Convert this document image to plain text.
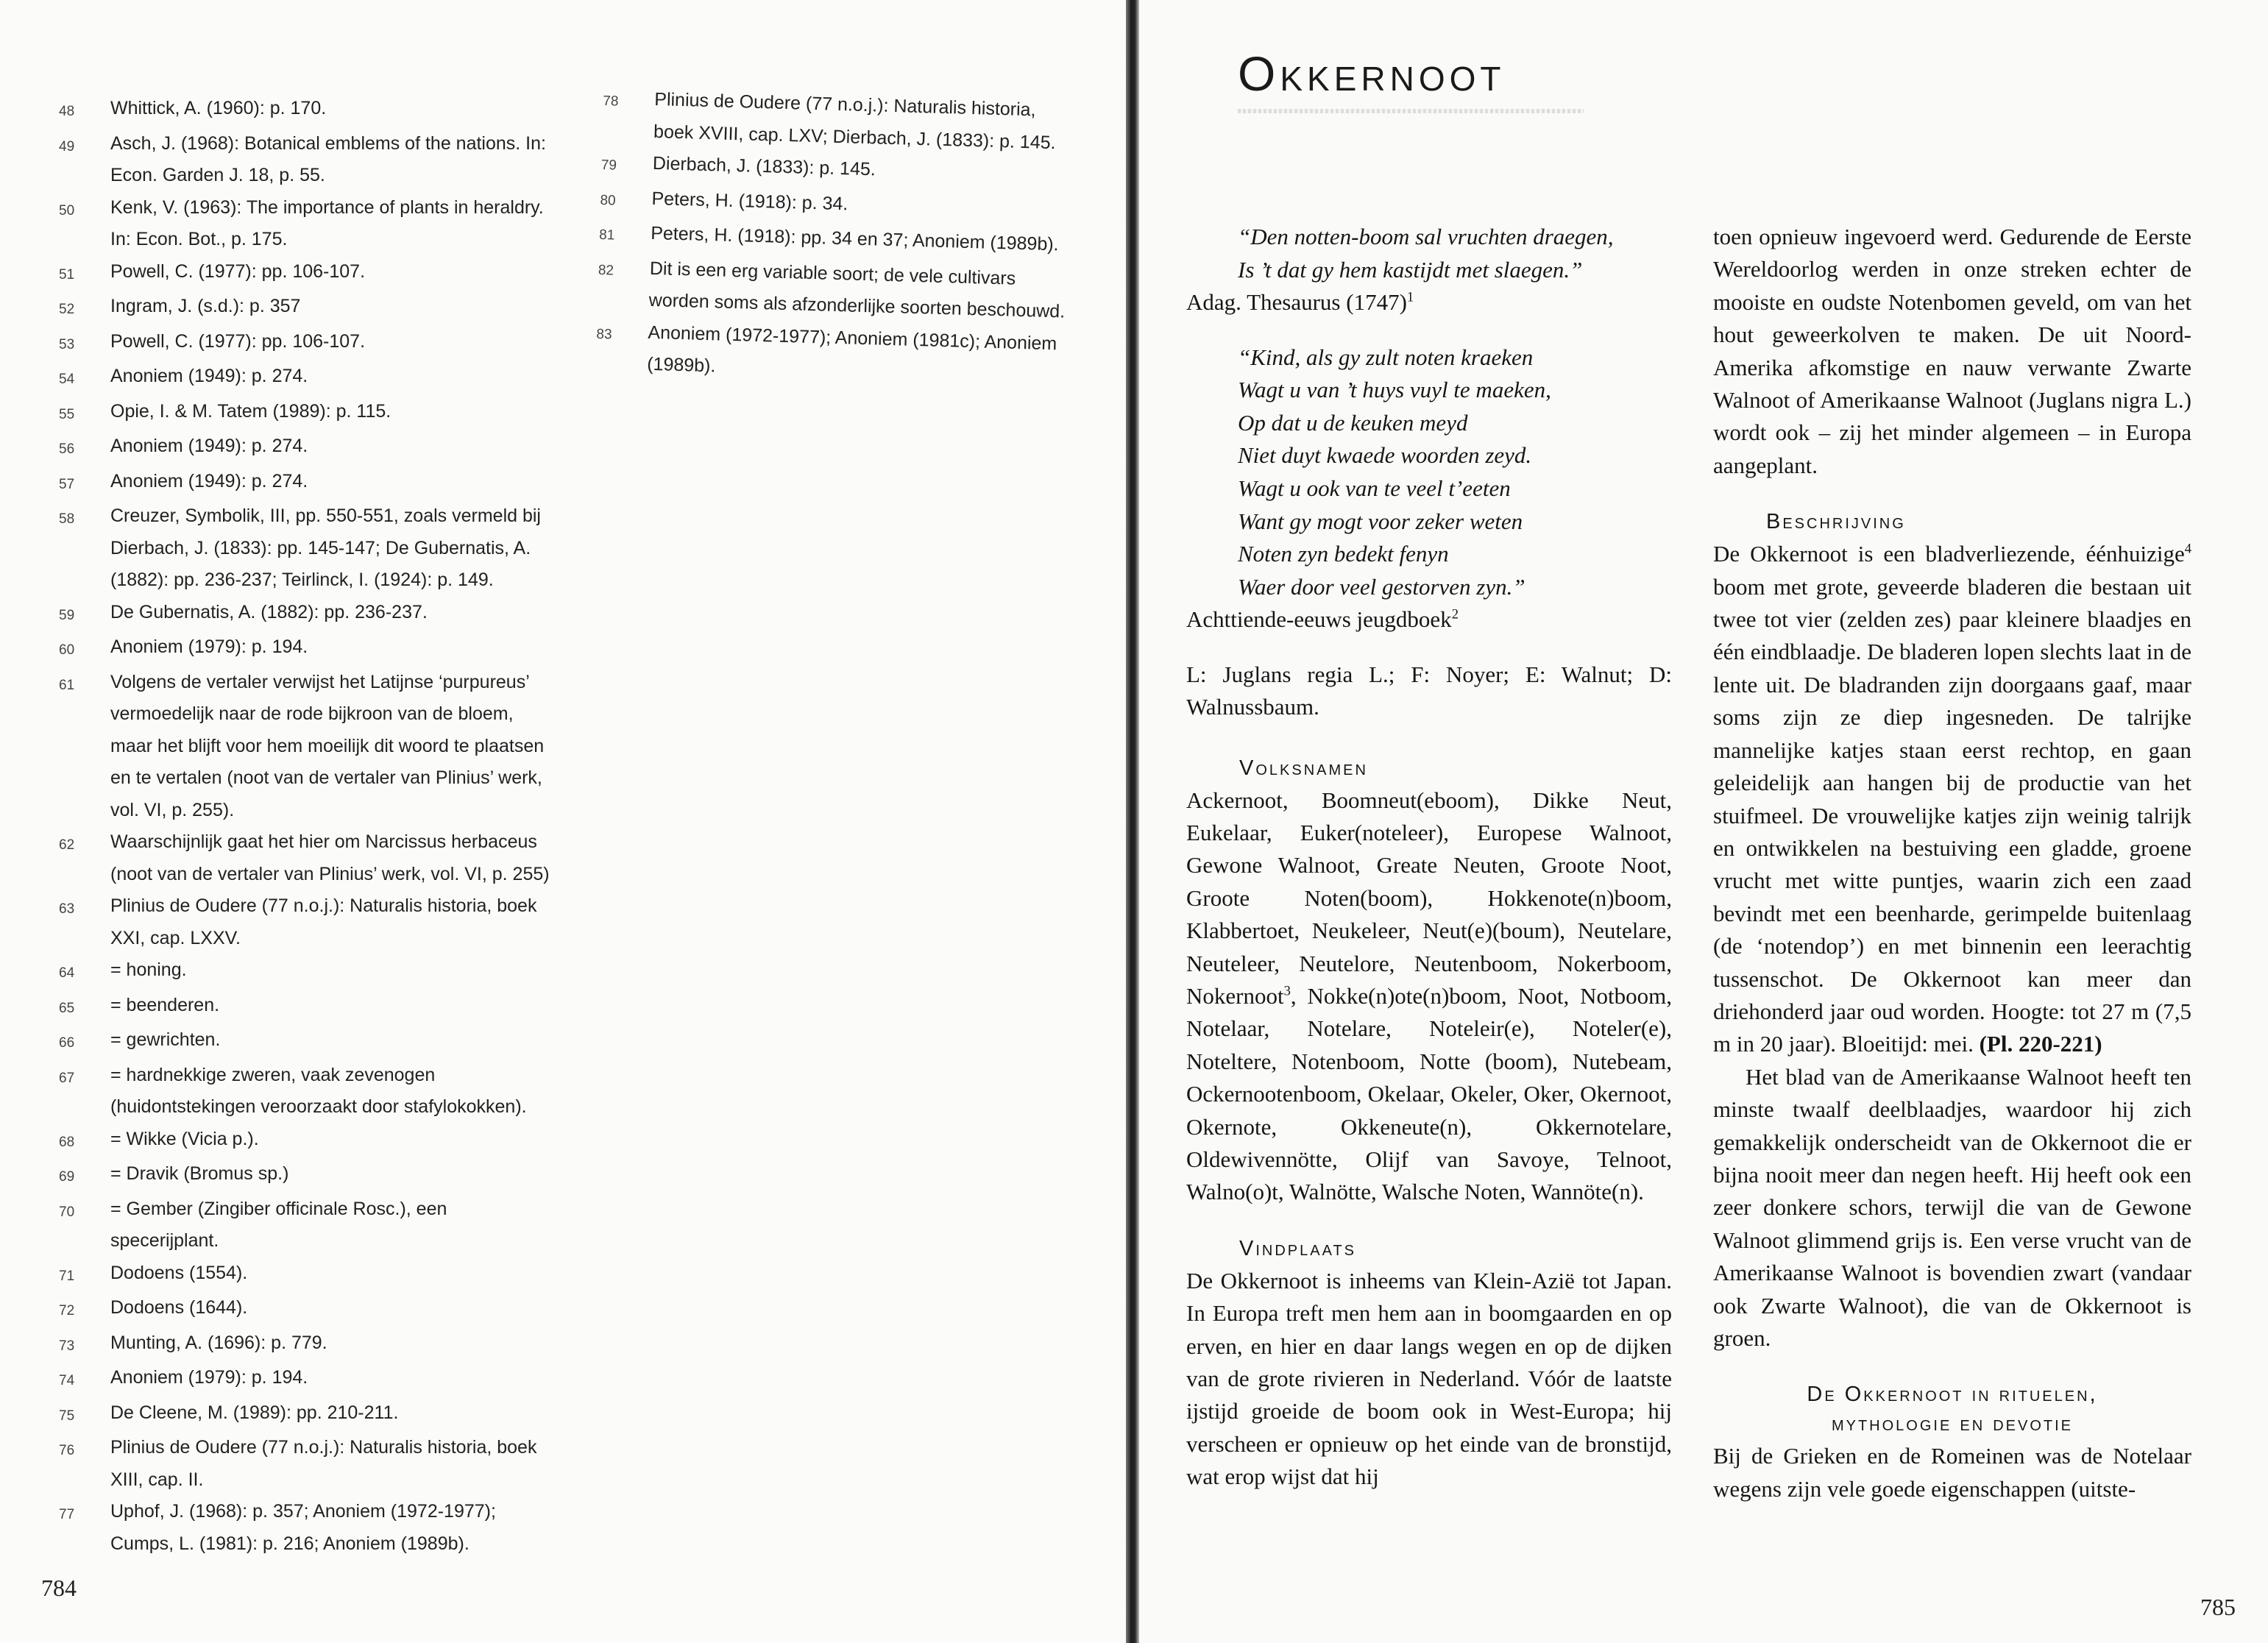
48	Whittick, A. (1960): p. 170.
49	Asch, J. (1968): Botanical emblems of the nations. In: Econ. Garden J. 18, p. 55.
50	Kenk, V. (1963): The importance of plants in heraldry. In: Econ. Bot., p. 175.
51	Powell, C. (1977): pp. 106-107.
52	Ingram, J. (s.d.): p. 357
53	Powell, C. (1977): pp. 106-107.
54	Anoniem (1949): p. 274.
55	Opie, I. & M. Tatem (1989): p. 115.
56	Anoniem (1949): p. 274.
57	Anoniem (1949): p. 274.
58	Creuzer, Symbolik, III, pp. 550-551, zoals vermeld bij Dierbach, J. (1833): pp. 145-147; De Gubernatis, A. (1882): pp. 236-237; Teirlinck, I. (1924): p. 149.
59	De Gubernatis, A. (1882): pp. 236-237.
60	Anoniem (1979): p. 194.
61	Volgens de vertaler verwijst het Latijnse ‘purpureus’ vermoedelijk naar de rode bijkroon van de bloem, maar het blijft voor hem moeilijk dit woord te plaatsen en te vertalen (noot van de vertaler van Plinius’ werk, vol. VI, p. 255).
62	Waarschijnlijk gaat het hier om Narcissus herbaceus (noot van de vertaler van Plinius’ werk, vol. VI, p. 255)
63	Plinius de Oudere (77 n.o.j.): Naturalis historia, boek XXI, cap. LXXV.
64	= honing.
65	= beenderen.
66	= gewrichten.
67	= hardnekkige zweren, vaak zevenogen (huidontstekingen veroorzaakt door stafylokokken).
68	= Wikke (Vicia p.).
69	= Dravik (Bromus sp.)
70	= Gember (Zingiber officinale Rosc.), een specerijplant.
71	Dodoens (1554).
72	Dodoens (1644).
73	Munting, A. (1696): p. 779.
74	Anoniem (1979): p. 194.
75	De Cleene, M. (1989): pp. 210-211.
76	Plinius de Oudere (77 n.o.j.): Naturalis historia, boek XIII, cap. II.
77	Uphof, J. (1968): p. 357; Anoniem (1972-1977); Cumps, L. (1981): p. 216; Anoniem (1989b).
78	Plinius de Oudere (77 n.o.j.): Naturalis historia, boek XVIII, cap. LXV; Dierbach, J. (1833): p. 145.
79	Dierbach, J. (1833): p. 145.
80	Peters, H. (1918): p. 34.
81	Peters, H. (1918): pp. 34 en 37; Anoniem (1989b).
82	Dit is een erg variable soort; de vele cultivars worden soms als afzonderlijke soorten beschouwd.
83	Anoniem (1972-1977); Anoniem (1981c); Anoniem (1989b).
784
Okkernoot
“Den notten-boom sal vruchten draegen,
Is ’t dat gy hem kastijdt met slaegen.”

Adag. Thesaurus $(1747)^1$

“Kind, als gy zult noten kraeken
Wagt u van ’t huys vuyl te maeken,
Op dat u de keuken meyd
Niet duyt kwaede woorden zeyd.
Wagt u ook van te veel t’eeten
Want gy mogt voor zeker weten
Noten zyn bedekt fenyn
Waer door veel gestorven zyn.”

Achttiende-eeuws jeugdboek$^2$

L: Juglans regia L.; F: Noyer; E: Walnut; D: Walnussbaum.

Volksnamen

Ackernoot, Boomneut(eboom), Dikke Neut, Eukelaar, Euker(noteleer), Europese Walnoot, Gewone Walnoot, Greate Neuten, Groote Noot, Groote Noten(boom), Hokkenote(n)boom, Klabbertoet, Neukeleer, Neut(e)(boum), Neutelare, Neuteleer, Neutelore, Neutenboom, Nokerboom, Nokernoot$^3$, Nokke(n)ote(n)boom, Noot, Notboom, Notelaar, Notelare, Noteleir(e), Noteler(e), Noteltere, Notenboom, Notte (boom), Nutebeam, Ockernootenboom, Okelaar, Okeler, Oker, Okernoot, Okernote, Okkeneute(n), Okkernotelare, Oldewivennötte, Olijf van Savoye, Telnoot, Walno(o)t, Walnötte, Walsche Noten, Wannöte(n).

Vindplaats

De Okkernoot is inheems van Klein-Azië tot Japan. In Europa treft men hem aan in boomgaarden en op erven, en hier en daar langs wegen en op de dijken van de grote rivieren in Nederland. Vóór de laatste ijstijd groeide de boom ook in West-Europa; hij verscheen er opnieuw op het einde van de bronstijd, wat erop wijst dat hij

toen opnieuw ingevoerd werd. Gedurende de Eerste Wereldoorlog werden in onze streken echter de mooiste en oudste Notenbomen geveld, om van het hout geweerkolven te maken. De uit Noord-Amerika afkomstige en nauw verwante Zwarte Walnoot of Amerikaanse Walnoot (Juglans nigra L.) wordt ook – zij het minder algemeen – in Europa aangeplant.

Beschrijving

De Okkernoot is een bladverliezende, éénhuizige$^4$ boom met grote, geveerde bladeren die bestaan uit twee tot vier (zelden zes) paar kleinere blaadjes en één eindblaadje. De bladeren lopen slechts laat in de lente uit. De bladranden zijn doorgaans gaaf, maar soms zijn ze diep ingesneden. De talrijke mannelijke katjes staan eerst rechtop, en gaan geleidelijk aan hangen bij de productie van het stuifmeel. De vrouwelijke katjes zijn weinig talrijk en ontwikkelen na bestuiving een gladde, groene vrucht met witte puntjes, waarin zich een zaad bevindt met een beenharde, gerimpelde buitenlaag (de ‘notendop’) en met binnenin een leerachtig tussenschot. De Okkernoot kan meer dan driehonderd jaar oud worden. Hoogte: tot 27 m (7,5 m in 20 jaar). Bloeitijd: mei. (Pl. 220-221)

Het blad van de Amerikaanse Walnoot heeft ten minste twaalf deelblaadjes, waardoor hij zich gemakkelijk onderscheidt van de Okkernoot die er bijna nooit meer dan negen heeft. Hij heeft ook een zeer donkere schors, terwijl die van de Gewone Walnoot glimmend grijs is. Een verse vrucht van de Amerikaanse Walnoot is bovendien zwart (vandaar ook Zwarte Walnoot), die van de Okkernoot is groen.

De Okkernoot in rituelen,
mythologie en devotie

Bij de Grieken en de Romeinen was de Notelaar wegens zijn vele goede eigenschappen (uitste-

785
